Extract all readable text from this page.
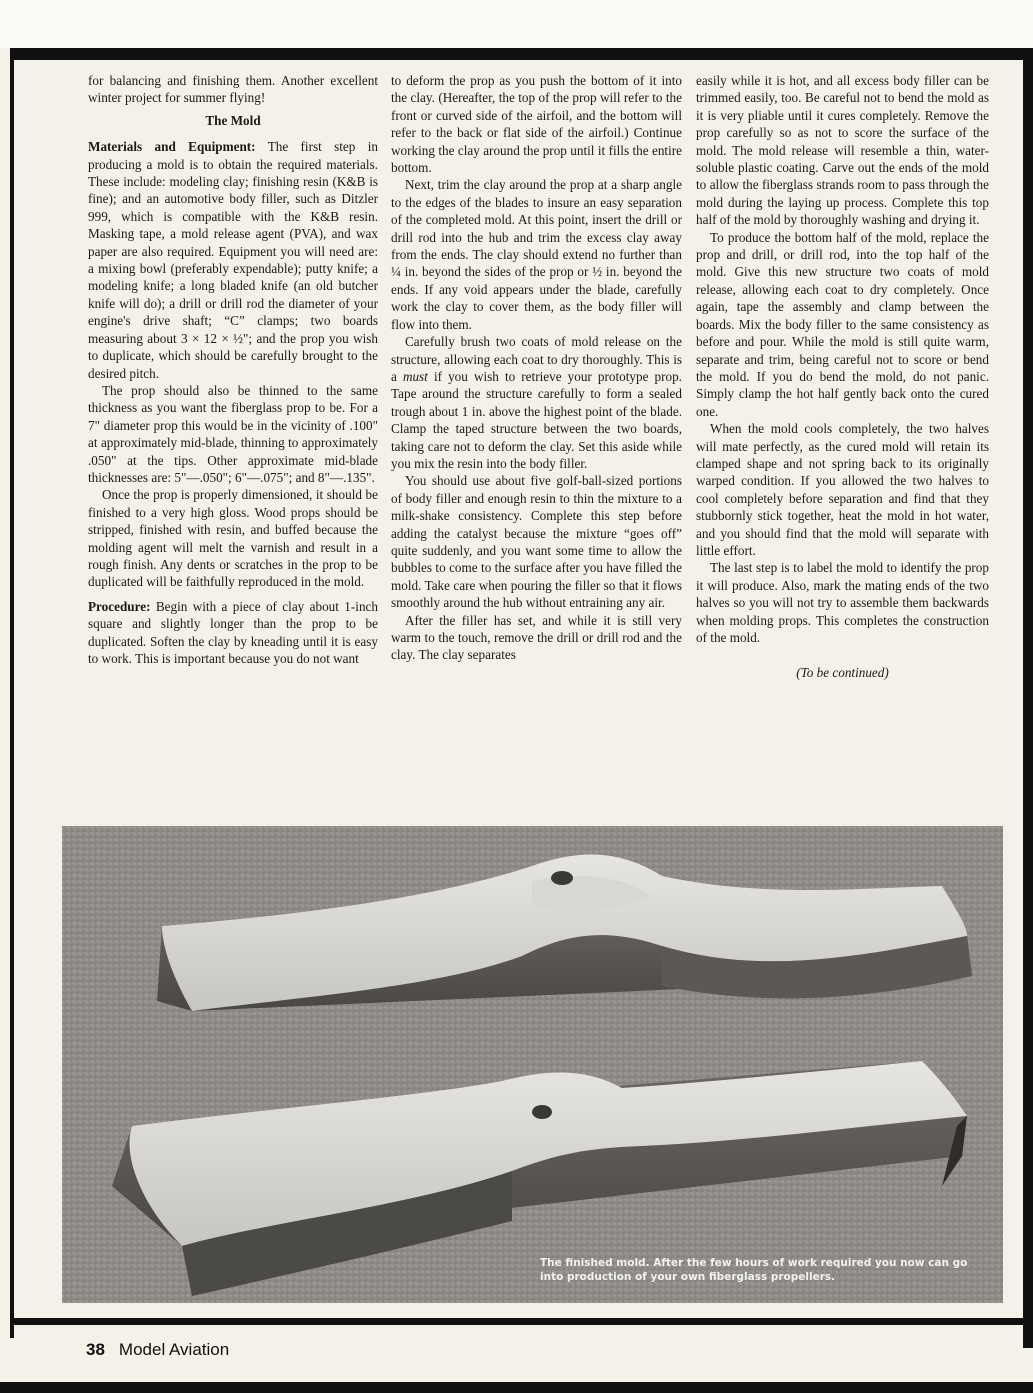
for balancing and finishing them. Another excellent winter project for summer flying!

The Mold

Materials and Equipment: The first step in producing a mold is to obtain the required materials. These include: modeling clay; finishing resin (K&B is fine); and an automotive body filler, such as Ditzler 999, which is compatible with the K&B resin. Masking tape, a mold release agent (PVA), and wax paper are also required. Equipment you will need are: a mixing bowl (preferably expendable); putty knife; a modeling knife; a long bladed knife (an old butcher knife will do); a drill or drill rod the diameter of your engine's drive shaft; “C” clamps; two boards measuring about 3 × 12 × ½"; and the prop you wish to duplicate, which should be carefully brought to the desired pitch.

The prop should also be thinned to the same thickness as you want the fiberglass prop to be. For a 7" diameter prop this would be in the vicinity of .100" at approximately mid-blade, thinning to approximately .050" at the tips. Other approximate mid-blade thicknesses are: 5"—.050"; 6"—.075"; and 8"—.135".

Once the prop is properly dimensioned, it should be finished to a very high gloss. Wood props should be stripped, finished with resin, and buffed because the molding agent will melt the varnish and result in a rough finish. Any dents or scratches in the prop to be duplicated will be faithfully reproduced in the mold.

Procedure: Begin with a piece of clay about 1-inch square and slightly longer than the prop to be duplicated. Soften the clay by kneading until it is easy to work. This is important because you do not want

to deform the prop as you push the bottom of it into the clay. (Hereafter, the top of the prop will refer to the front or curved side of the airfoil, and the bottom will refer to the back or flat side of the airfoil.) Continue working the clay around the prop until it fills the entire bottom.

Next, trim the clay around the prop at a sharp angle to the edges of the blades to insure an easy separation of the completed mold. At this point, insert the drill or drill rod into the hub and trim the excess clay away from the ends. The clay should extend no further than ¼ in. beyond the sides of the prop or ½ in. beyond the ends. If any void appears under the blade, carefully work the clay to cover them, as the body filler will flow into them.

Carefully brush two coats of mold release on the structure, allowing each coat to dry thoroughly. This is a must if you wish to retrieve your prototype prop. Tape around the structure carefully to form a sealed trough about 1 in. above the highest point of the blade. Clamp the taped structure between the two boards, taking care not to deform the clay. Set this aside while you mix the resin into the body filler.

You should use about five golf-ball-sized portions of body filler and enough resin to thin the mixture to a milk-shake consistency. Complete this step before adding the catalyst because the mixture “goes off” quite suddenly, and you want some time to allow the bubbles to come to the surface after you have filled the mold. Take care when pouring the filler so that it flows smoothly around the hub without entraining any air.

After the filler has set, and while it is still very warm to the touch, remove the drill or drill rod and the clay. The clay separates

easily while it is hot, and all excess body filler can be trimmed easily, too. Be careful not to bend the mold as it is very pliable until it cures completely. Remove the prop carefully so as not to score the surface of the mold. The mold release will resemble a thin, water-soluble plastic coating. Carve out the ends of the mold to allow the fiberglass strands room to pass through the mold during the laying up process. Complete this top half of the mold by thoroughly washing and drying it.

To produce the bottom half of the mold, replace the prop and drill, or drill rod, into the top half of the mold. Give this new structure two coats of mold release, allowing each coat to dry completely. Once again, tape the assembly and clamp between the boards. Mix the body filler to the same consistency as before and pour. While the mold is still quite warm, separate and trim, being careful not to score or bend the mold. If you do bend the mold, do not panic. Simply clamp the hot half gently back onto the cured one.

When the mold cools completely, the two halves will mate perfectly, as the cured mold will retain its clamped shape and not spring back to its originally warped condition. If you allowed the two halves to cool completely before separation and find that they stubbornly stick together, heat the mold in hot water, and you should find that the mold will separate with little effort.

The last step is to label the mold to identify the prop it will produce. Also, mark the mating ends of the two halves so you will not try to assemble them backwards when molding props. This completes the construction of the mold.

(To be continued)
The finished mold. After the few hours of work required you now can go into production of your own fiberglass propellers.
38 Model Aviation
